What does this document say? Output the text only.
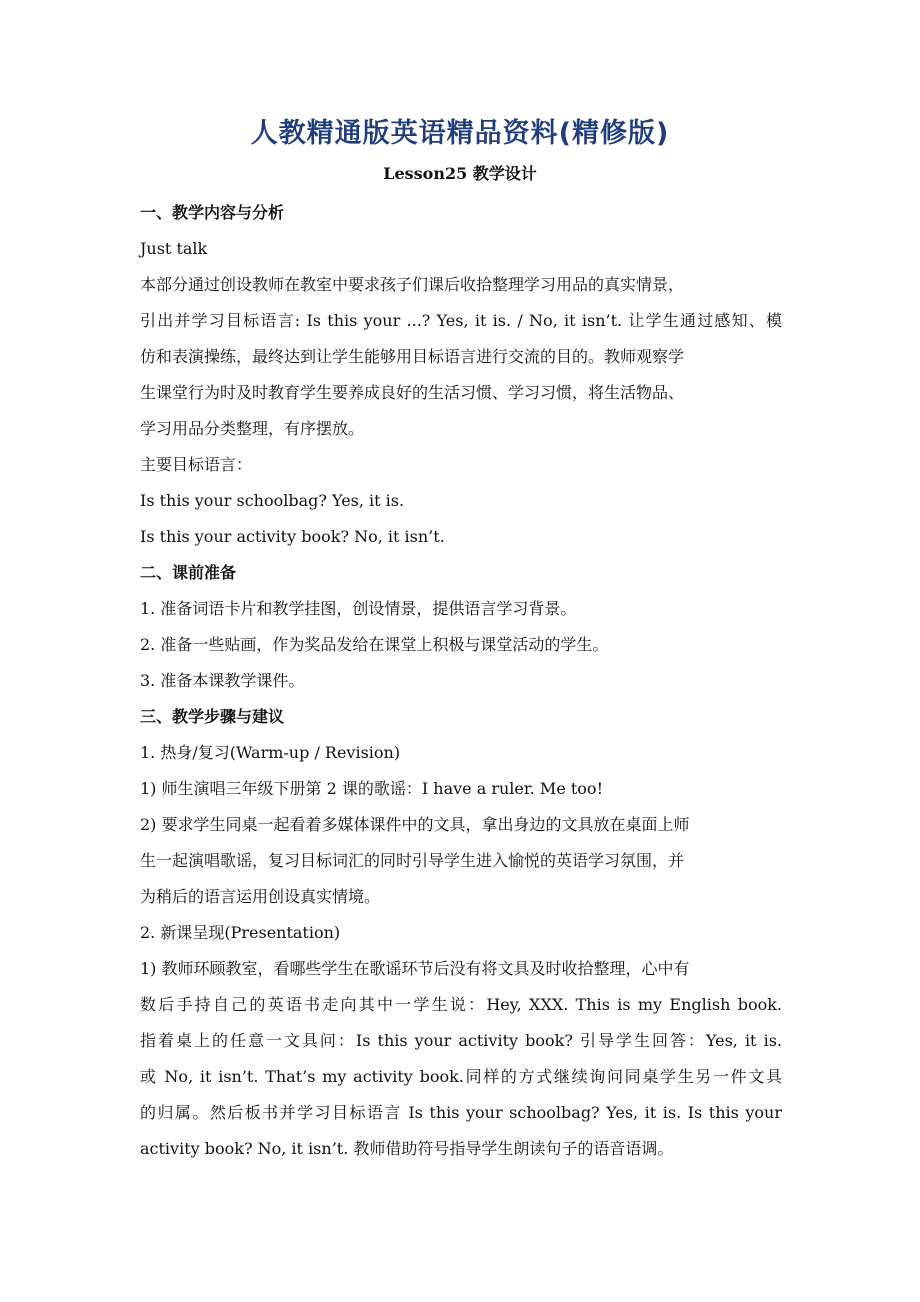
人教精通版英语精品资料(精修版)
Lesson25 教学设计
一、教学内容与分析
Just talk
本部分通过创设教师在教室中要求孩子们课后收拾整理学习用品的真实情景，
引出并学习目标语言: Is this your ...? Yes, it is. / No, it isn’t. 让学生通过感知、模
仿和表演操练，最终达到让学生能够用目标语言进行交流的目的。教师观察学
生课堂行为时及时教育学生要养成良好的生活习惯、学习习惯，将生活物品、
学习用品分类整理，有序摆放。
主要目标语言：
Is this your schoolbag? Yes, it is.
Is this your activity book? No, it isn’t.
二、课前准备
1. 准备词语卡片和教学挂图，创设情景，提供语言学习背景。
2. 准备一些贴画，作为奖品发给在课堂上积极与课堂活动的学生。
3. 准备本课教学课件。
三、教学步骤与建议
1. 热身/复习(Warm-up / Revision)
1) 师生演唱三年级下册第 2 课的歌谣：I have a ruler. Me too!
2) 要求学生同桌一起看着多媒体课件中的文具，拿出身边的文具放在桌面上师
生一起演唱歌谣，复习目标词汇的同时引导学生进入愉悦的英语学习氛围，并
为稍后的语言运用创设真实情境。
2. 新课呈现(Presentation)
1) 教师环顾教室，看哪些学生在歌谣环节后没有将文具及时收拾整理，心中有
数后手持自己的英语书走向其中一学生说：Hey, XXX. This is my English book.
指着桌上的任意一文具问：Is this your activity book? 引导学生回答：Yes, it is.
或 No, it isn’t. That’s my activity book.同样的方式继续询问同桌学生另一件文具
的归属。然后板书并学习目标语言 Is this your schoolbag? Yes, it is. Is this your
activity book? No, it isn’t. 教师借助符号指导学生朗读句子的语音语调。
